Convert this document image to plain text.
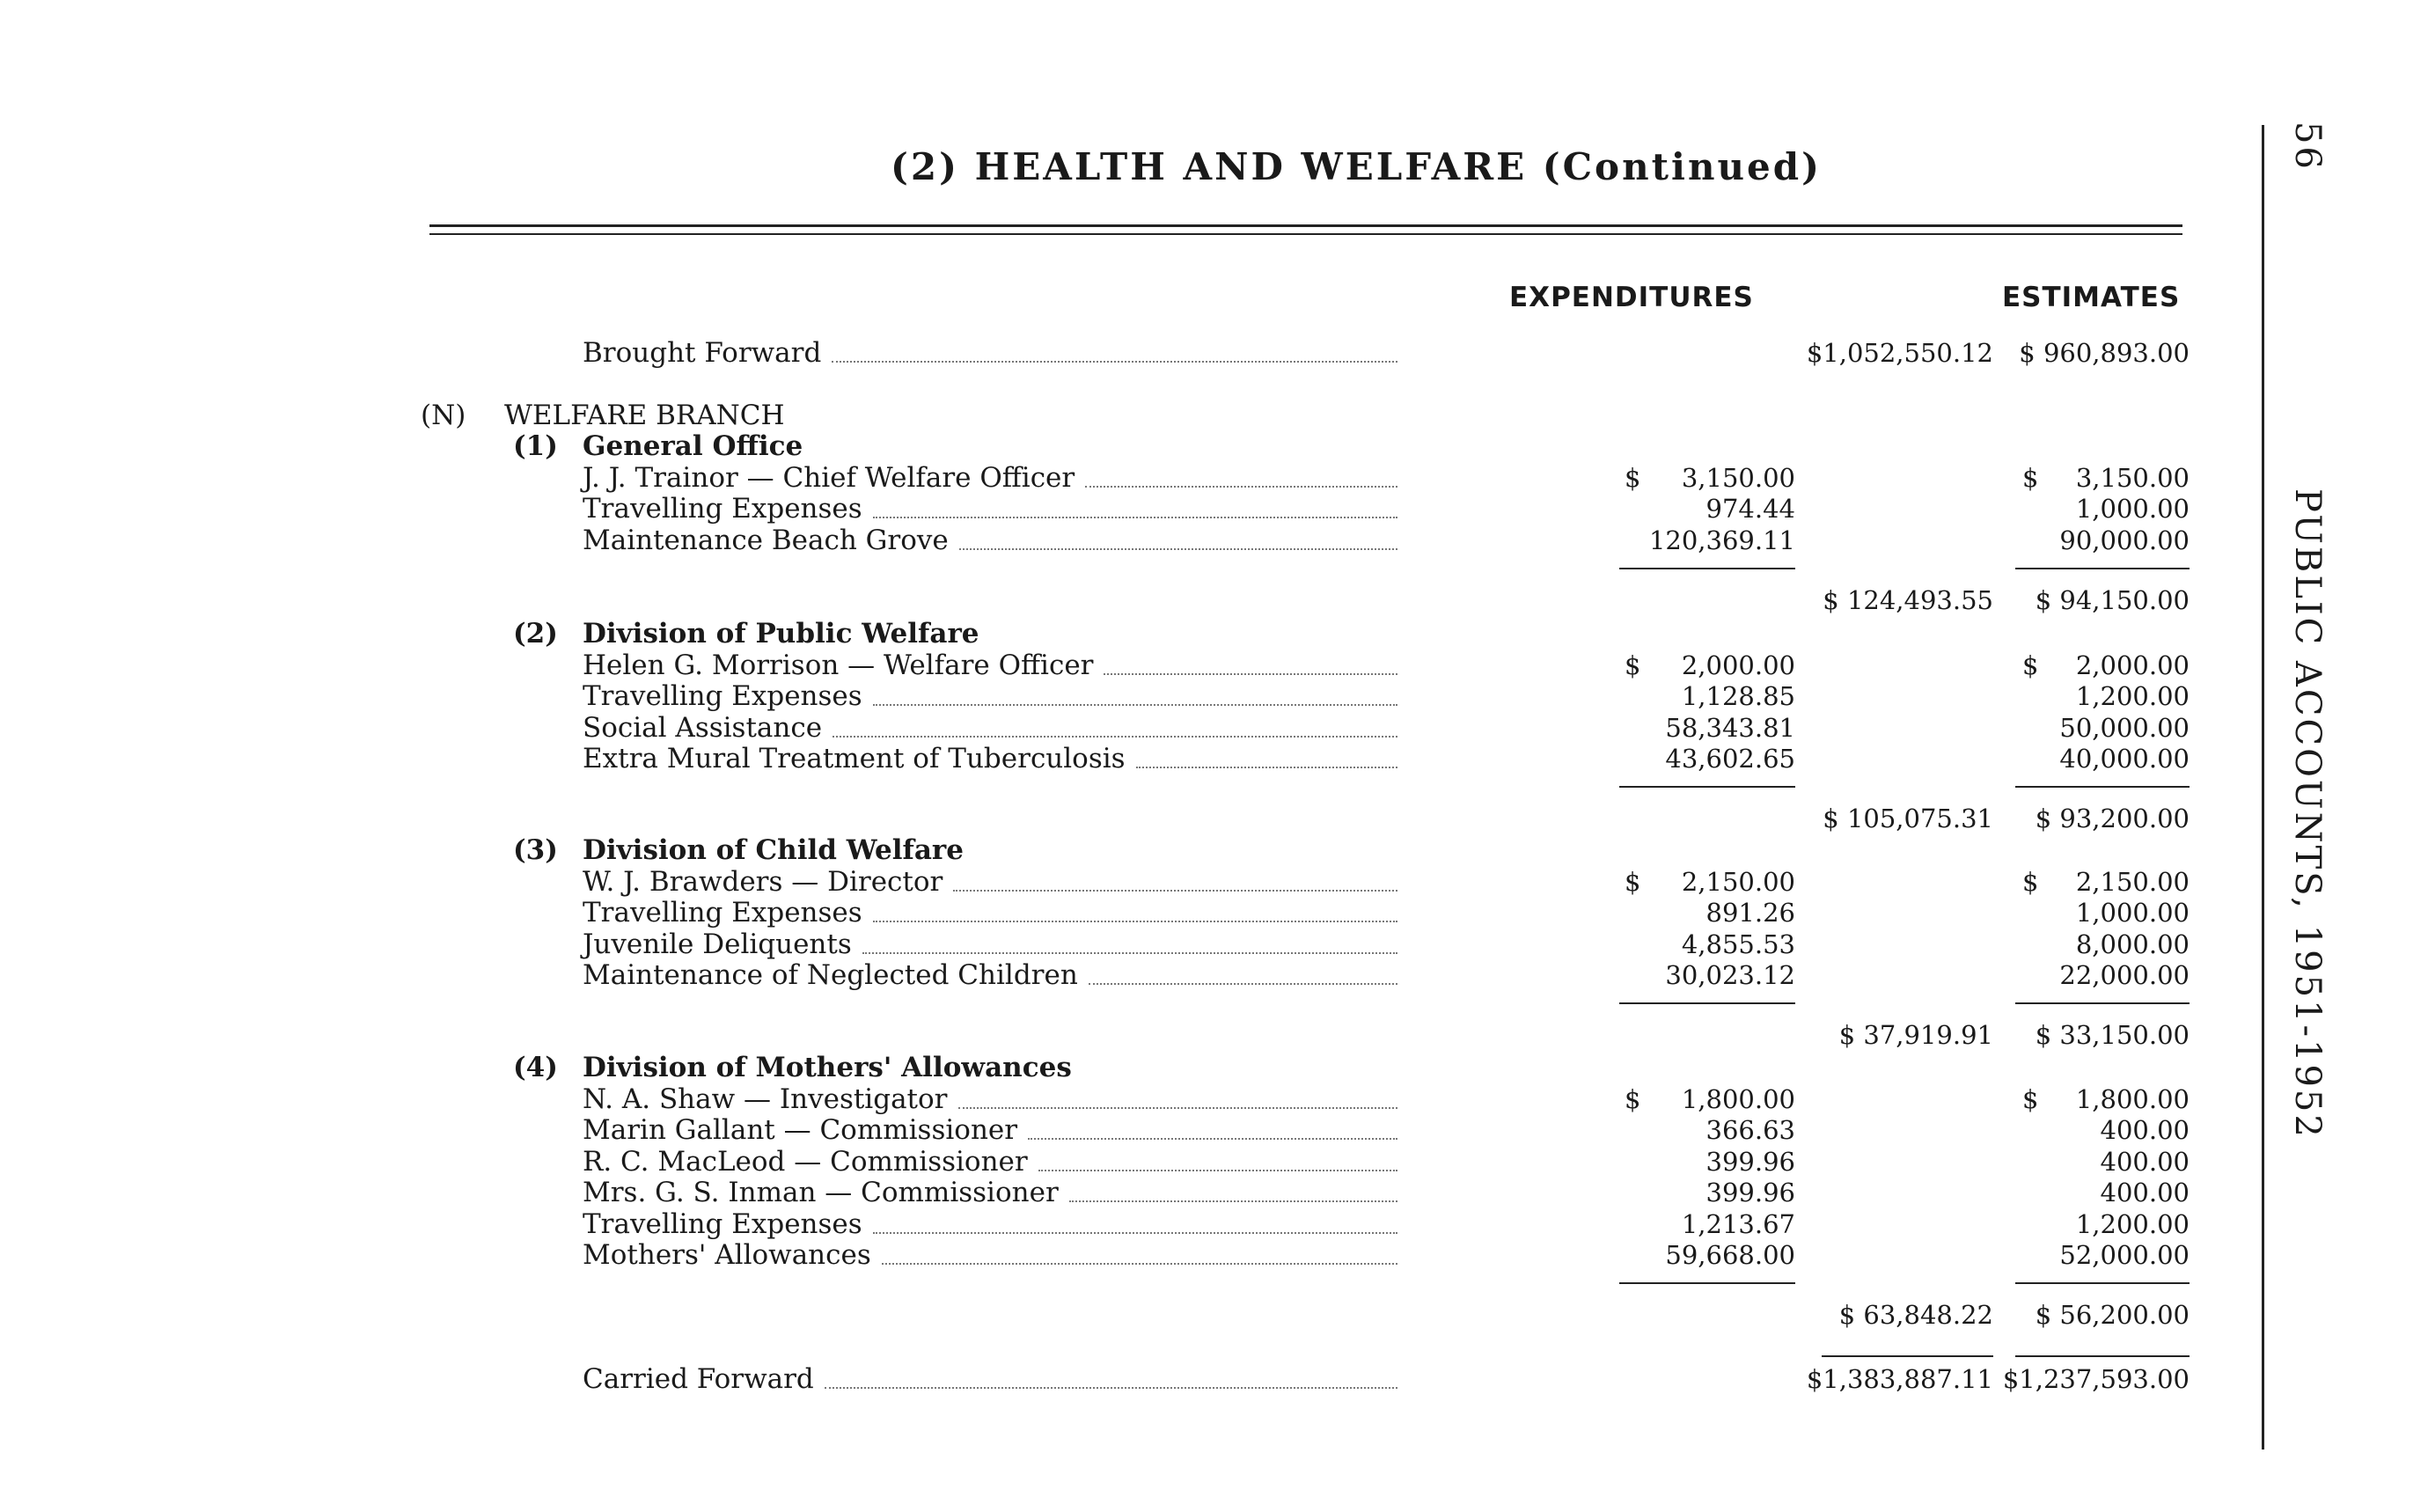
(2) HEALTH AND WELFARE (Continued)	56
PUBLIC ACCOUNTS, 1951-1952
EXPENDITURES	ESTIMATES
Brought Forward	$1,052,550.12 $ 960,893.00
(N) WELFARE BRANCH
(1) General Office
J. J. Trainor — Chief Welfare Officer	$ 3,150.00	$ 3,150.00
Travelling Expenses	974.44	1,000.00
Maintenance Beach Grove	120,369.11	90,000.00
$ 124,493.55 $ 94,150.00
(2) Division of Public Welfare
Helen G. Morrison — Welfare Officer	$ 2,000.00	$ 2,000.00
Travelling Expenses	1,128.85	1,200.00
Social Assistance	58,343.81	50,000.00
Extra Mural Treatment of Tuberculosis	43,602.65	40,000.00
$ 105,075.31 $ 93,200.00
(3) Division of Child Welfare
W. J. Brawders — Director	$ 2,150.00	$ 2,150.00
Travelling Expenses	891.26	1,000.00
Juvenile Deliquents	4,855.53	8,000.00
Maintenance of Neglected Children	30,023.12	22,000.00
$ 37,919.91 $ 33,150.00
(4) Division of Mothers' Allowances
N. A. Shaw — Investigator	$ 1,800.00	$ 1,800.00
Marin Gallant — Commissioner	366.63	400.00
R. C. MacLeod — Commissioner	399.96	400.00
Mrs. G. S. Inman — Commissioner	399.96	400.00
Travelling Expenses	1,213.67	1,200.00
Mothers' Allowances	59,668.00	52,000.00
$ 63,848.22 $ 56,200.00
Carried Forward	$1,383,887.11 $1,237,593.00
